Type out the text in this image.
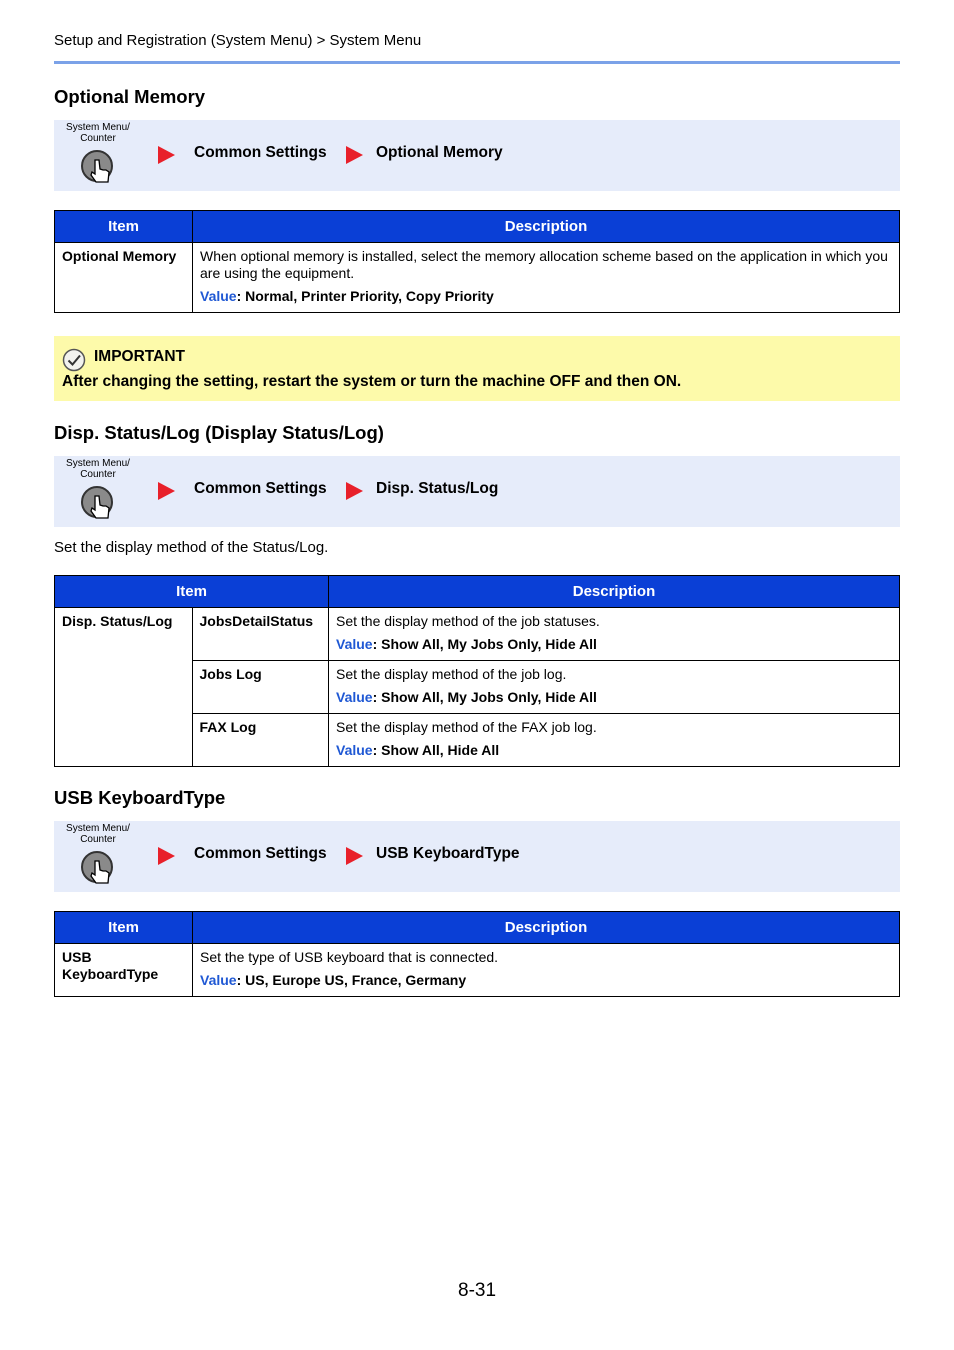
Setup and Registration (System Menu) > System Menu
Optional Memory
System Menu/
Counter
Common Settings	Optional Memory
Item	Description
Optional Memory	When optional memory is installed, select the memory allocation scheme based on the application in which you are using the equipment.
Value: Normal, Printer Priority, Copy Priority
IMPORTANT
After changing the setting, restart the system or turn the machine OFF and then ON.
Disp. Status/Log (Display Status/Log)
System Menu/
Counter
Common Settings	Disp. Status/Log
Set the display method of the Status/Log.
Item		Description
Disp. Status/Log	JobsDetailStatus	Set the display method of the job statuses.
Value: Show All, My Jobs Only, Hide All

	Jobs Log	Set the display method of the job log.
Value: Show All, My Jobs Only, Hide All

	FAX Log	Set the display method of the FAX job log.
Value: Show All, Hide All
USB KeyboardType
System Menu/
Counter
Common Settings	USB KeyboardType
Item	Description
USB KeyboardType	Set the type of USB keyboard that is connected.
Value: US, Europe US, France, Germany
8-31
